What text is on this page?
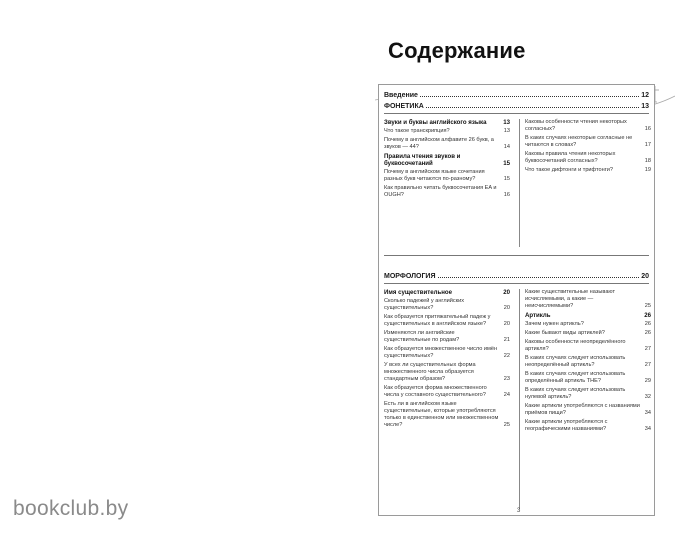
Содержание
Введение	12
ФОНЕТИКА	13
Звуки и буквы английского языка	13
Что такое транскрипция?	13
Почему в английском алфавите 26 букв, а звуков — 44?	14
Правила чтения звуков и буквосочетаний	15
Почему в английском языке сочетания разных букв читаются по-разному?	15
Как правильно читать буквосочетания EA и OUGH?	16
Каковы особенности чтения некоторых согласных?	16
В каких случаях некоторые согласные не читаются в словах?	17
Каковы правила чтения некоторых буквосочетаний согласных?	18
Что такое дифтонги и трифтонги?	19
МОРФОЛОГИЯ	20
Имя существительное	20
Сколько падежей у английских существительных?	20
Как образуется притяжательный падеж у существительных в английском языке?	20
Изменяются ли английские существительные по родам?	21
Как образуется множественное число имён существительных?	22
У всех ли существительных форма множественного числа образуется стандартным образом?	23
Как образуется форма множественного числа у составного существительного?	24
Есть ли в английском языке существительные, которые употребляются только в единственном или множественном числе?	25
Какие существительные называют исчисляемыми, а какие — неисчисляемыми?	25
Артикль	26
Зачем нужен артикль?	26
Какие бывают виды артиклей?	26
Каковы особенности неопределённого артикля?	27
В каких случаях следует использовать неопределённый артикль?	27
В каких случаях следует использовать определённый артикль THE?	29
В каких случаях следует использовать нулевой артикль?	32
Какие артикли употребляются с названиями приёмов пищи?	34
Какие артикли употребляются с географическими названиями?	34
3
bookclub.by
